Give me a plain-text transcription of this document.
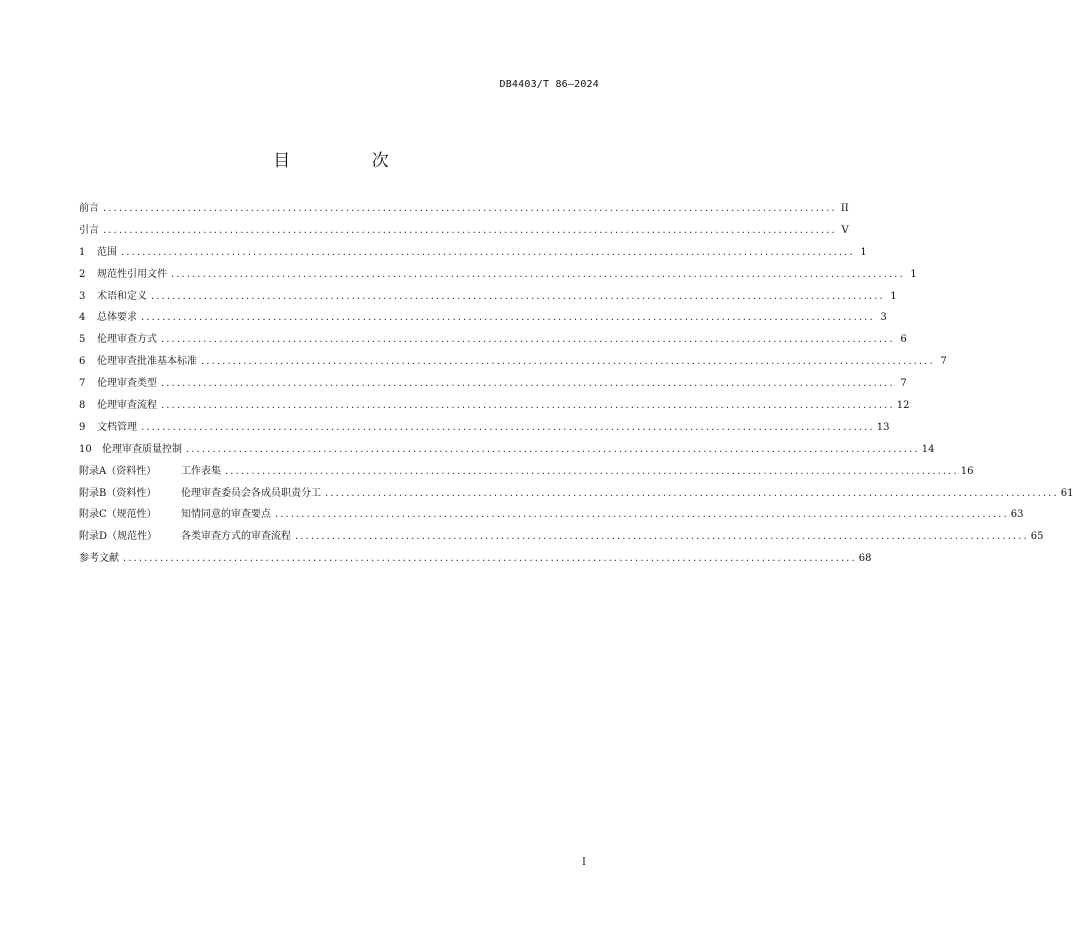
DB4403/T 86—2024
目 次
前言 ........................................................................................................................................... II
引言 ........................................................................................................................................... V
1	范围 ........................................................................................................................................... 1
2	规范性引用文件 ........................................................................................................................................... 1
3	术语和定义 ........................................................................................................................................... 1
4	总体要求 ........................................................................................................................................... 3
5	伦理审查方式 ........................................................................................................................................... 6
6	伦理审查批准基本标准 ........................................................................................................................................... 7
7	伦理审查类型 ........................................................................................................................................... 7
8	伦理审查流程 ........................................................................................................................................... 12
9	文档管理 ........................................................................................................................................... 13
10	伦理审查质量控制 ........................................................................................................................................... 14
附录A（资料性）	工作表集 ........................................................................................................................................... 16
附录B（资料性）	伦理审查委员会各成员职责分工 ........................................................................................................................................... 61
附录C（规范性）	知情同意的审查要点 ........................................................................................................................................... 63
附录D（规范性）	各类审查方式的审查流程 ........................................................................................................................................... 65
参考文献 ........................................................................................................................................... 68
I
